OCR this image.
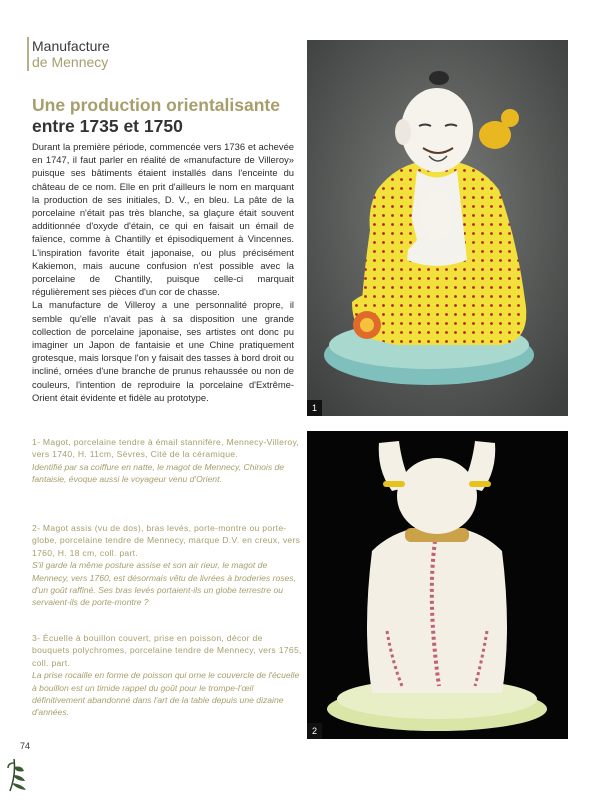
Manufacture
de Mennecy
Une production orientalisante
entre 1735 et 1750

Durant la première période, commencée vers 1736 et achevée en 1747, il faut parler en réalité de «manufacture de Villeroy» puisque ses bâtiments étaient installés dans l'enceinte du château de ce nom. Elle en prit d'ailleurs le nom en marquant la production de ses initiales, D. V., en bleu. La pâte de la porcelaine n'était pas très blanche, sa glaçure était souvent additionnée d'oxyde d'étain, ce qui en faisait un émail de faïence, comme à Chantilly et épisodiquement à Vincennes. L'inspiration favorite était japonaise, ou plus précisément Kakiemon, mais aucune confusion n'est possible avec la porcelaine de Chantilly, puisque celle-ci marquait régulièrement ses pièces d'un cor de chasse.

La manufacture de Villeroy a une personnalité propre, il semble qu'elle n'avait pas à sa disposition une grande collection de porcelaine japonaise, ses artistes ont donc pu imaginer un Japon de fantaisie et une Chine pratiquement grotesque, mais lorsque l'on y faisait des tasses à bord droit ou incliné, ornées d'une branche de prunus rehaussée ou non de couleurs, l'intention de reproduire la porcelaine d'Extrême-Orient était évidente et fidèle au prototype.

1- Magot, porcelaine tendre à émail stannifère, Mennecy-Villeroy, vers 1740, H. 11cm, Sèvres, Cité de la céramique.
Identifié par sa coiffure en natte, le magot de Mennecy, Chinois de fantaisie, évoque aussi le voyageur venu d'Orient.
2- Magot assis (vu de dos), bras levés, porte-montre ou porte-globe, porcelaine tendre de Mennecy, marque D.V. en creux, vers 1760, H. 18 cm, coll. part.
S'il garde la même posture assise et son air rieur, le magot de Mennecy, vers 1760, est désormais vêtu de livrées à broderies roses, d'un goût raffiné. Ses bras levés portaient-ils un globe terrestre ou servaient-ils de porte-montre ?
3- Écuelle à bouillon couvert, prise en poisson, décor de bouquets polychromes, porcelaine tendre de Mennecy, vers 1765, coll. part.
La prise rocaille en forme de poisson qui orne le couvercle de l'écuelle à bouillon est un timide rappel du goût pour le trompe-l'œil définitivement abandonné dans l'art de la table depuis une dizaine d'années.
1
2
74
